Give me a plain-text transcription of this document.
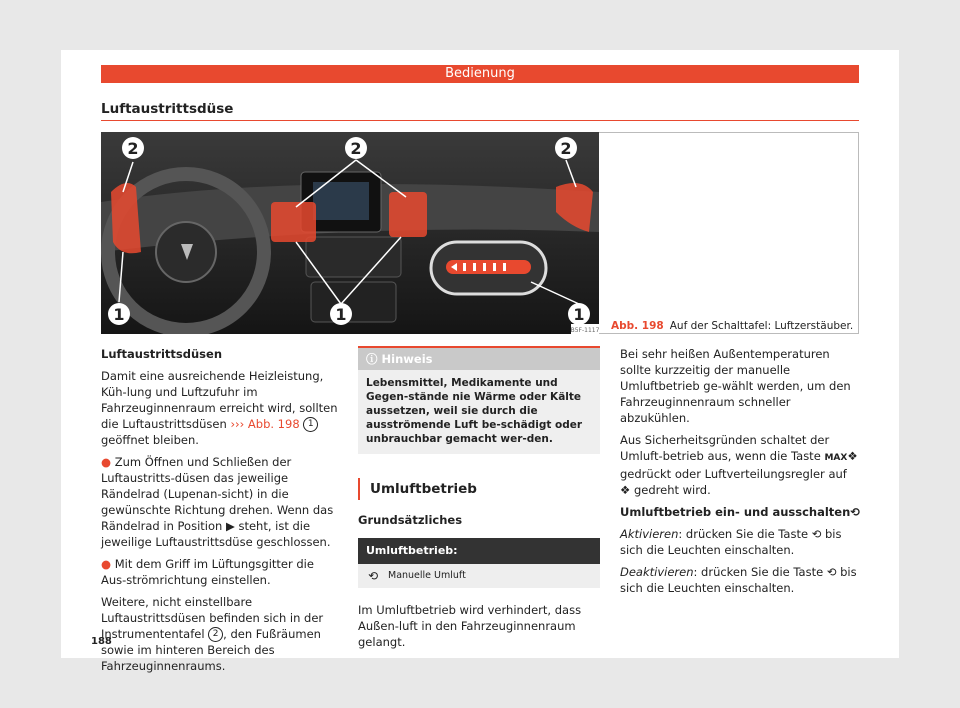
Bedienung
Luftaustrittsdüse
2	2	2
1	1	1
B5F-1117 Abb. 198 Auf der Schalttafel: Luftzerstäuber.

Luftaustrittsdüsen

Damit eine ausreichende Heizleistung, Küh-lung und Luftzufuhr im Fahrzeuginnenraum erreicht wird, sollten die Luftaustrittsdüsen ››› Abb. 198 1 geöffnet bleiben.

● Zum Öffnen und Schließen der Luftaustritts-düsen das jeweilige Rändelrad (Lupenan-sicht) in die gewünschte Richtung drehen. Wenn das Rändelrad in Position ▶ steht, ist die jeweilige Luftaustrittsdüse geschlossen.

● Mit dem Griff im Lüftungsgitter die Aus-strömrichtung einstellen.

Weitere, nicht einstellbare Luftaustrittsdüsen befinden sich in der Instrumententafel 2 , den Fußräumen sowie im hinteren Bereich des Fahrzeuginnenraums.

ⓘ Hinweis
Lebensmittel, Medikamente und Gegen-stände nie Wärme oder Kälte aussetzen, weil sie durch die ausströmende Luft be-schädigt oder unbrauchbar gemacht wer-den.
Umluftbetrieb

Grundsätzliches

Umluftbetrieb:
⟲	Manuelle Umluft

Im Umluftbetrieb wird verhindert, dass Außen-luft in den Fahrzeuginnenraum gelangt.

Bei sehr heißen Außentemperaturen sollte kurzzeitig der manuelle Umluftbetrieb ge-wählt werden, um den Fahrzeuginnenraum schneller abzukühlen.

Aus Sicherheitsgründen schaltet der Umluft-betrieb aus, wenn die Taste MAX❖ gedrückt oder Luftverteilungsregler auf ❖ gedreht wird.

Umluftbetrieb ein- und ausschalten⟲

Aktivieren: drücken Sie die Taste ⟲ bis sich die Leuchten einschalten.

Deaktivieren: drücken Sie die Taste ⟲ bis sich die Leuchten einschalten.

188
